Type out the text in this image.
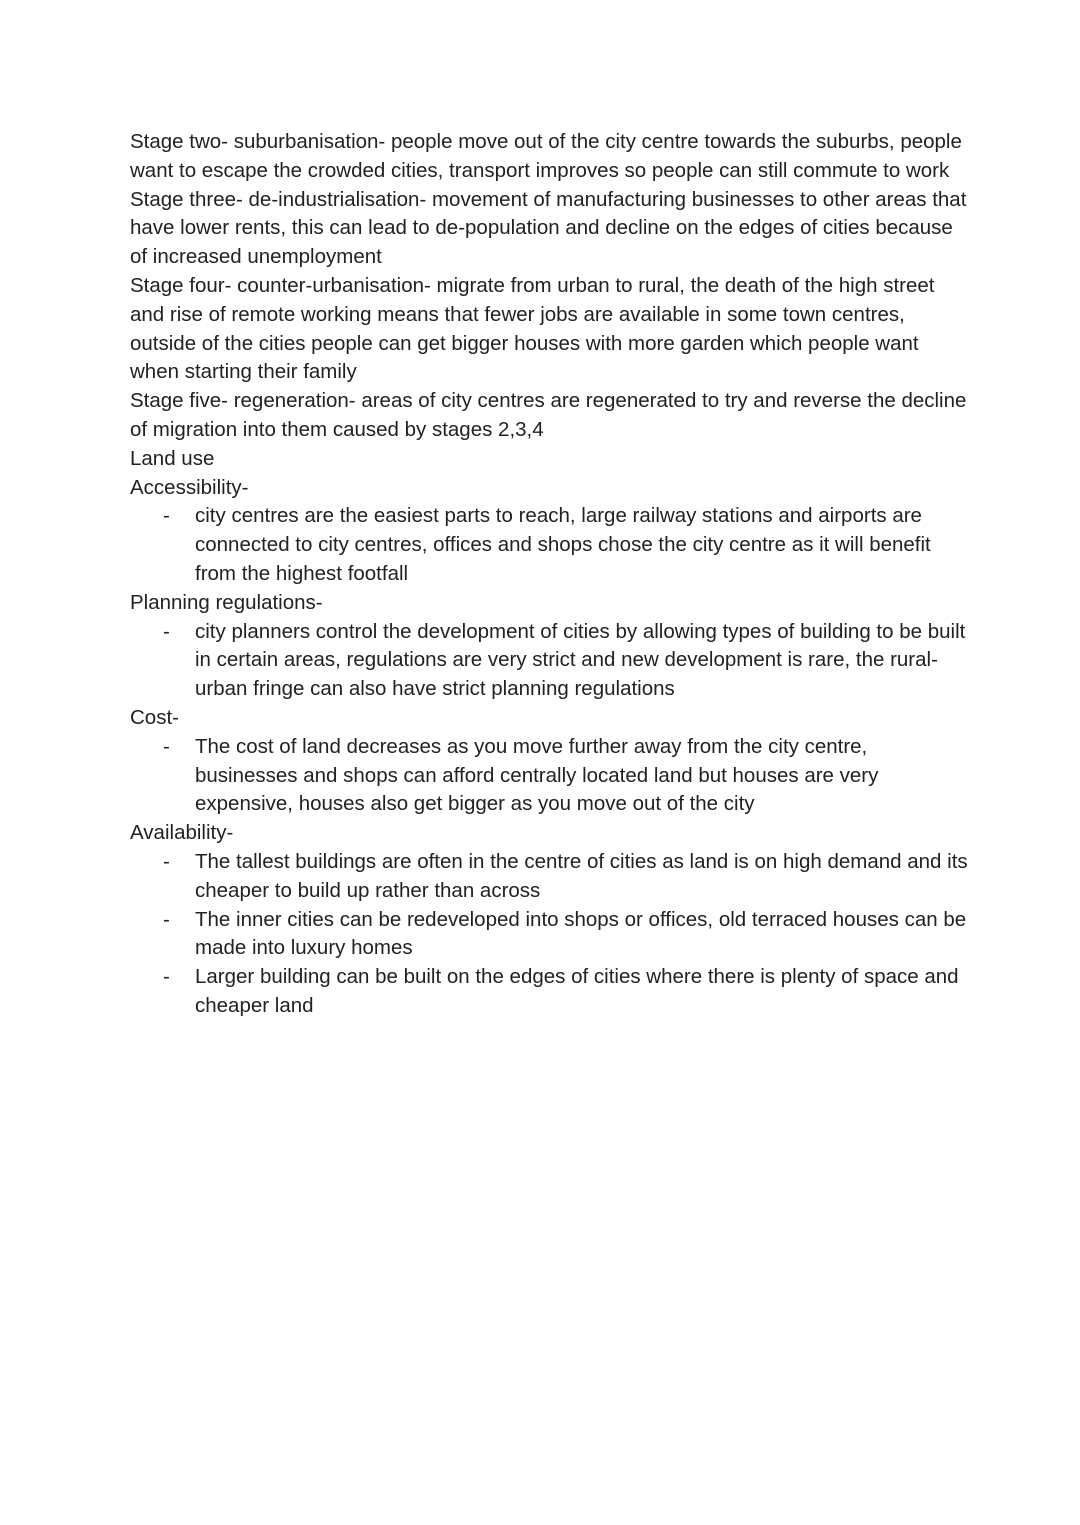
Stage two- suburbanisation- people move out of the city centre towards the suburbs, people want to escape the crowded cities, transport improves so people can still commute to work

Stage three- de-industrialisation- movement of manufacturing businesses to other areas that have lower rents, this can lead to de-population and decline on the edges of cities because of increased unemployment

Stage four- counter-urbanisation- migrate from urban to rural, the death of the high street and rise of remote working means that fewer jobs are available in some town centres, outside of the cities people can get bigger houses with more garden which people want when starting their family

Stage five- regeneration- areas of city centres are regenerated to try and reverse the decline of migration into them caused by stages 2,3,4

Land use

Accessibility-

- city centres are the easiest parts to reach, large railway stations and airports are connected to city centres, offices and shops chose the city centre as it will benefit from the highest footfall

Planning regulations-

- city planners control the development of cities by allowing types of building to be built in certain areas, regulations are very strict and new development is rare, the rural-urban fringe can also have strict planning regulations

Cost-

- The cost of land decreases as you move further away from the city centre, businesses and shops can afford centrally located land but houses are very expensive, houses also get bigger as you move out of the city

Availability-

- The tallest buildings are often in the centre of cities as land is on high demand and its cheaper to build up rather than across
- The inner cities can be redeveloped into shops or offices, old terraced houses can be made into luxury homes
- Larger building can be built on the edges of cities where there is plenty of space and cheaper land
